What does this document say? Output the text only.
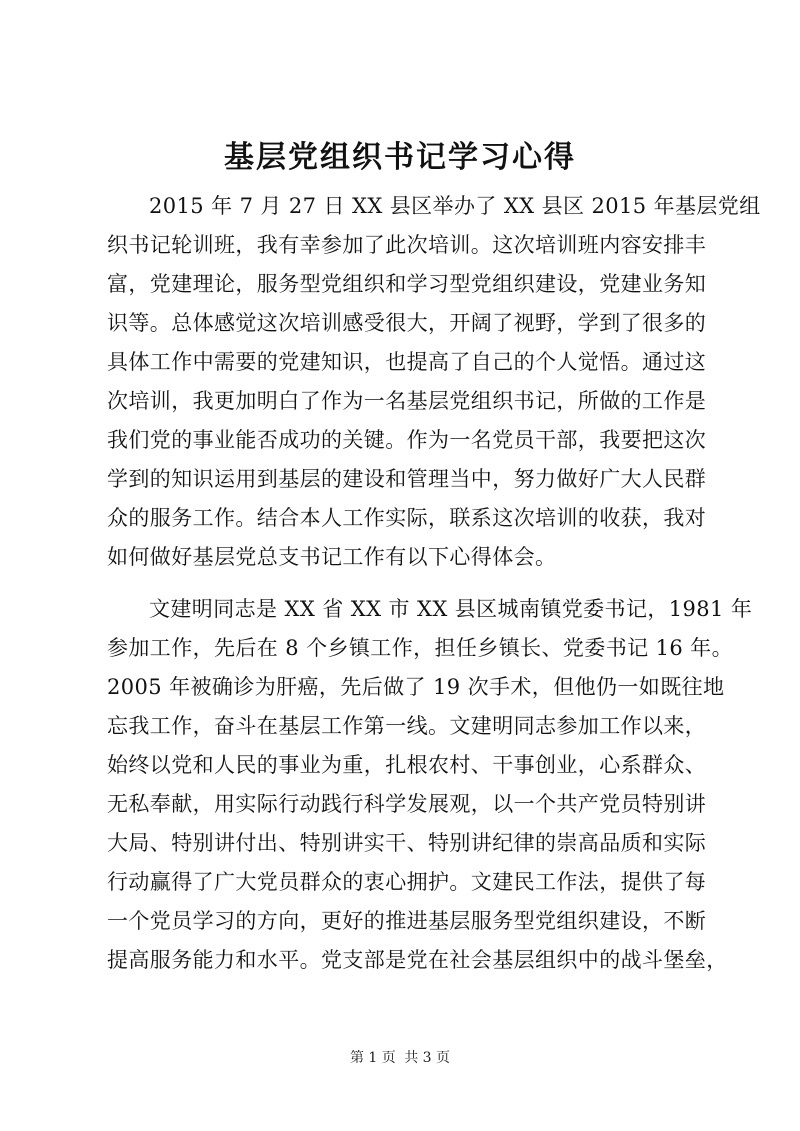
基层党组织书记学习心得
2015 年 7 月 27 日 XX 县区举办了 XX 县区 2015 年基层党组
织书记轮训班，我有幸参加了此次培训。这次培训班内容安排丰
富，党建理论，服务型党组织和学习型党组织建设，党建业务知
识等。总体感觉这次培训感受很大，开阔了视野，学到了很多的
具体工作中需要的党建知识，也提高了自己的个人觉悟。通过这
次培训，我更加明白了作为一名基层党组织书记，所做的工作是
我们党的事业能否成功的关键。作为一名党员干部，我要把这次
学到的知识运用到基层的建设和管理当中，努力做好广大人民群
众的服务工作。结合本人工作实际，联系这次培训的收获，我对
如何做好基层党总支书记工作有以下心得体会。
文建明同志是 XX 省 XX 市 XX 县区城南镇党委书记，1981 年
参加工作，先后在 8 个乡镇工作，担任乡镇长、党委书记 16 年。
2005 年被确诊为肝癌，先后做了 19 次手术，但他仍一如既往地
忘我工作，奋斗在基层工作第一线。文建明同志参加工作以来，
始终以党和人民的事业为重，扎根农村、干事创业，心系群众、
无私奉献，用实际行动践行科学发展观，以一个共产党员特别讲
大局、特别讲付出、特别讲实干、特别讲纪律的崇高品质和实际
行动赢得了广大党员群众的衷心拥护。文建民工作法，提供了每
一个党员学习的方向，更好的推进基层服务型党组织建设，不断
提高服务能力和水平。党支部是党在社会基层组织中的战斗堡垒，
第 1 页 共 3 页
